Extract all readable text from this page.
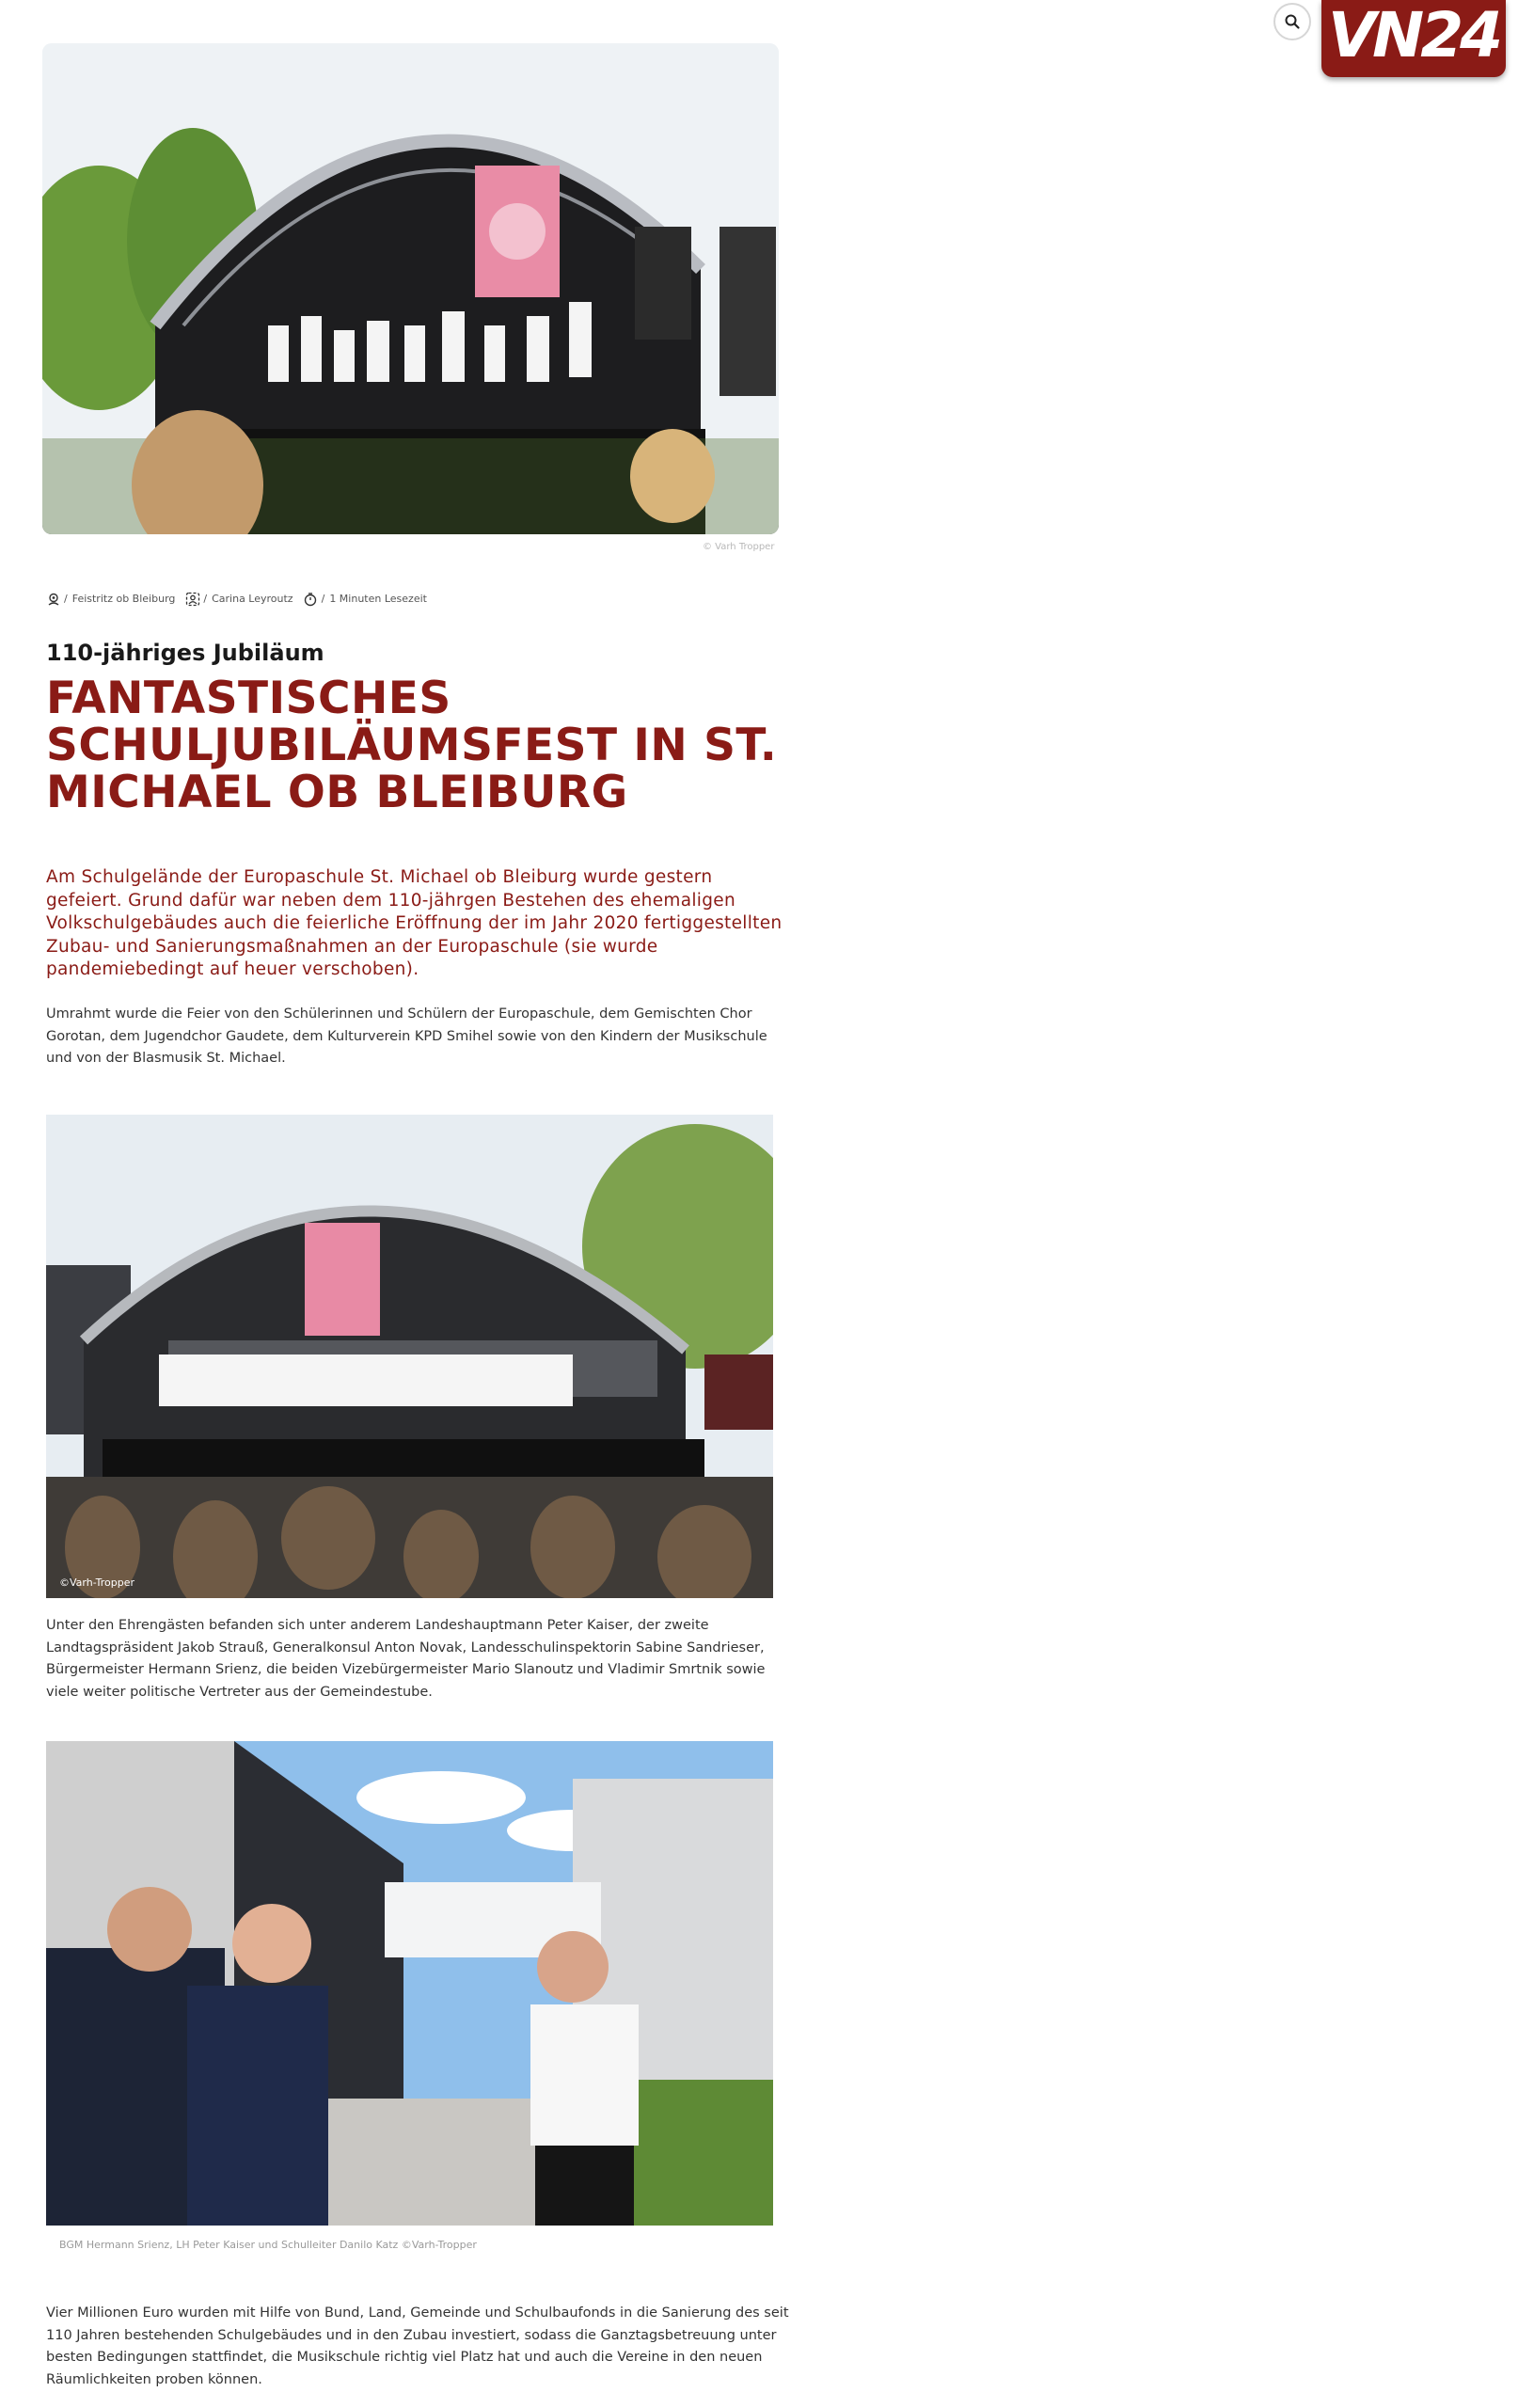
VN24
© Varh Tropper
/ Feistritz ob Bleiburg	/ Carina Leyroutz	/ 1 Minuten Lesezeit
110-jähriges Jubiläum
FANTASTISCHES SCHULJUBILÄUMSFEST IN ST. MICHAEL OB BLEIBURG

Am Schulgelände der Europaschule St. Michael ob Bleiburg wurde gestern gefeiert. Grund dafür war neben dem 110-jährgen Bestehen des ehemaligen Volkschulgebäudes auch die feierliche Eröffnung der im Jahr 2020 fertiggestellten Zubau- und Sanierungsmaßnahmen an der Europaschule (sie wurde pandemiebedingt auf heuer verschoben).

Umrahmt wurde die Feier von den Schülerinnen und Schülern der Europaschule, dem Gemischten Chor Gorotan, dem Jugendchor Gaudete, dem Kulturverein KPD Smihel sowie von den Kindern der Musikschule und von der Blasmusik St. Michael.

©Varh-Tropper

Unter den Ehrengästen befanden sich unter anderem Landeshauptmann Peter Kaiser, der zweite Landtagspräsident Jakob Strauß, Generalkonsul Anton Novak, Landesschulinspektorin Sabine Sandrieser, Bürgermeister Hermann Srienz, die beiden Vizebürgermeister Mario Slanoutz und Vladimir Smrtnik sowie viele weiter politische Vertreter aus der Gemeindestube.

BGM Hermann Srienz, LH Peter Kaiser und Schulleiter Danilo Katz ©Varh-Tropper

Vier Millionen Euro wurden mit Hilfe von Bund, Land, Gemeinde und Schulbaufonds in die Sanierung des seit 110 Jahren bestehenden Schulgebäudes und in den Zubau investiert, sodass die Ganztagsbetreuung unter besten Bedingungen stattfindet, die Musikschule richtig viel Platz hat und auch die Vereine in den neuen Räumlichkeiten proben können.
